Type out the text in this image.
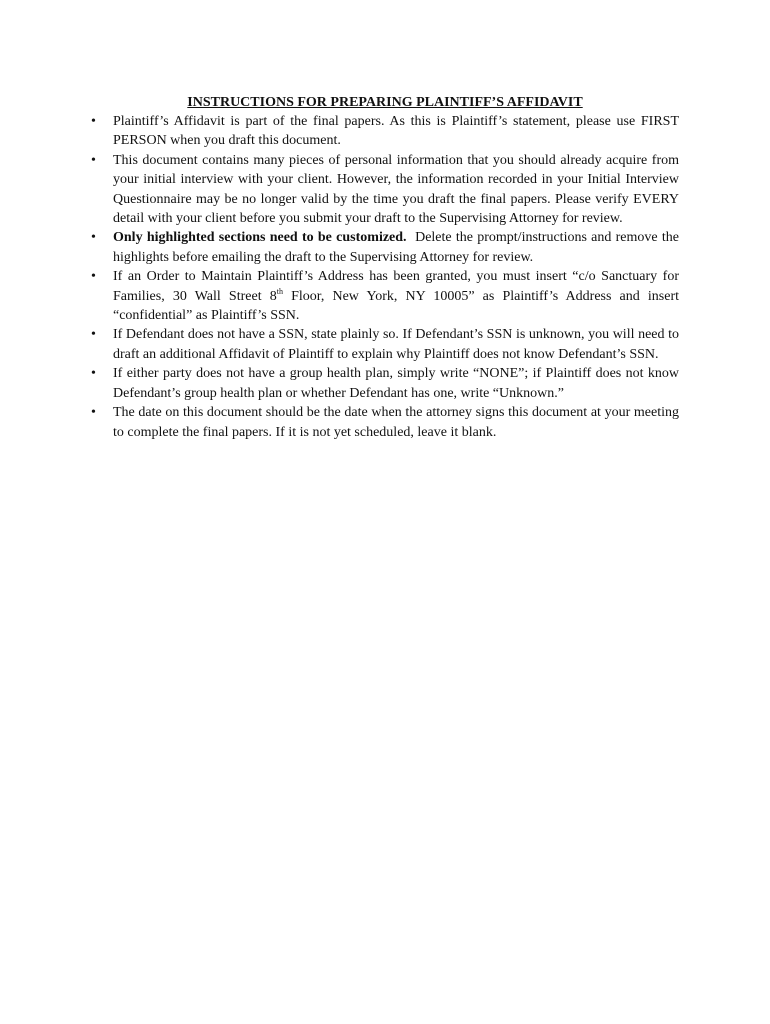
INSTRUCTIONS FOR PREPARING PLAINTIFF’S AFFIDAVIT
•	Plaintiff’s Affidavit is part of the final papers. As this is Plaintiff’s statement, please use FIRST PERSON when you draft this document.
•	This document contains many pieces of personal information that you should already acquire from your initial interview with your client. However, the information recorded in your Initial Interview Questionnaire may be no longer valid by the time you draft the final papers. Please verify EVERY detail with your client before you submit your draft to the Supervising Attorney for review.
•	Only highlighted sections need to be customized. Delete the prompt/instructions and remove the highlights before emailing the draft to the Supervising Attorney for review.
•	If an Order to Maintain Plaintiff’s Address has been granted, you must insert “c/o Sanctuary for Families, 30 Wall Street 8th Floor, New York, NY 10005” as Plaintiff’s Address and insert “confidential” as Plaintiff’s SSN.
•	If Defendant does not have a SSN, state plainly so. If Defendant’s SSN is unknown, you will need to draft an additional Affidavit of Plaintiff to explain why Plaintiff does not know Defendant’s SSN.
•	If either party does not have a group health plan, simply write “NONE”; if Plaintiff does not know Defendant’s group health plan or whether Defendant has one, write “Unknown.”
•	The date on this document should be the date when the attorney signs this document at your meeting to complete the final papers. If it is not yet scheduled, leave it blank.
